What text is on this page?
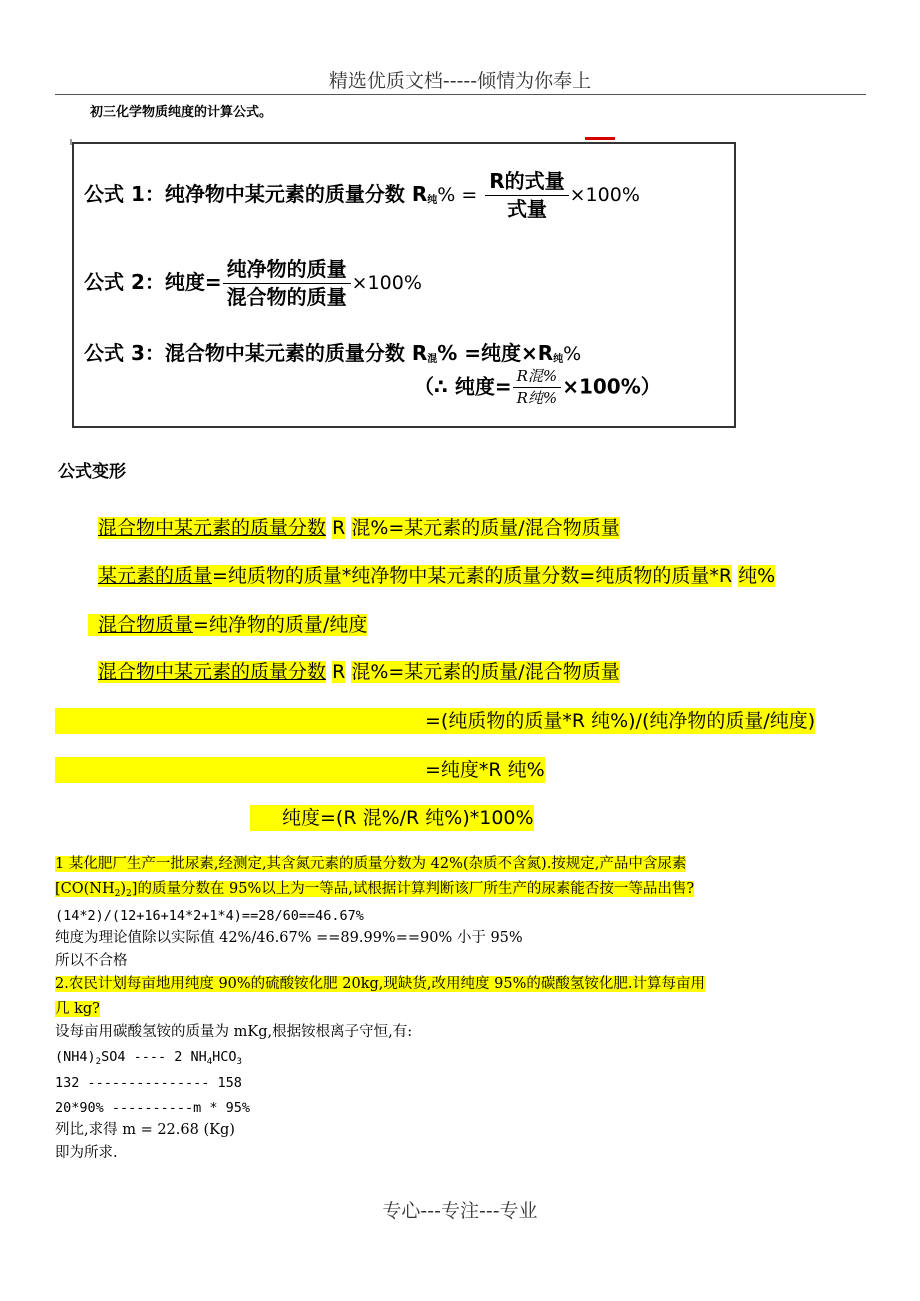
精选优质文档-----倾情为你奉上
初三化学物质纯度的计算公式。
公式 1：纯净物中某元素的质量分数 R纯% = $\frac{\text{R的式量}}{\text{式量}} \times 100\%$
公式 2：纯度= $\frac{\text{纯净物的质量}}{\text{混合物的质量}} \times 100\%$
公式 3：混合物中某元素的质量分数 R混% =纯度×R纯%
（∴ 纯度= $\frac{\text{R混\%}}{\text{R纯\%}} \times 100\%$）
公式变形
混合物中某元素的质量分数 R 混%=某元素的质量/混合物质量
某元素的质量=纯质物的质量*纯净物中某元素的质量分数=纯质物的质量*R 纯%
混合物质量=纯净物的质量/纯度
混合物中某元素的质量分数 R 混%=某元素的质量/混合物质量
=(纯质物的质量*R 纯%)/(纯净物的质量/纯度)
=纯度*R 纯%
纯度=(R 混%/R 纯%)*100%
1 某化肥厂生产一批尿素,经测定,其含氮元素的质量分数为 42%(杂质不含氮).按规定,产品中含尿素
$[CO(NH_2)_2]$的质量分数在 95%以上为一等品,试根据计算判断该厂所生产的尿素能否按一等品出售?
(14*2)/(12+16+14*2+1*4)==28/60==46.67%
纯度为理论值除以实际值 42%/46.67% ==89.99%==90% 小于 95%
所以不合格
2.农民计划每亩地用纯度 90%的硫酸铵化肥 20kg,现缺货,改用纯度 95%的碳酸氢铵化肥.计算每亩用
几 kg?
设每亩用碳酸氢铵的质量为 mKg,根据铵根离子守恒,有:
$(NH4)_2SO4$ ---- 2 $NH_4HCO_3$
132 --------------- 158
20*90% ----------m * 95%
列比,求得 m = 22.68 (Kg)
即为所求.
专心---专注---专业
